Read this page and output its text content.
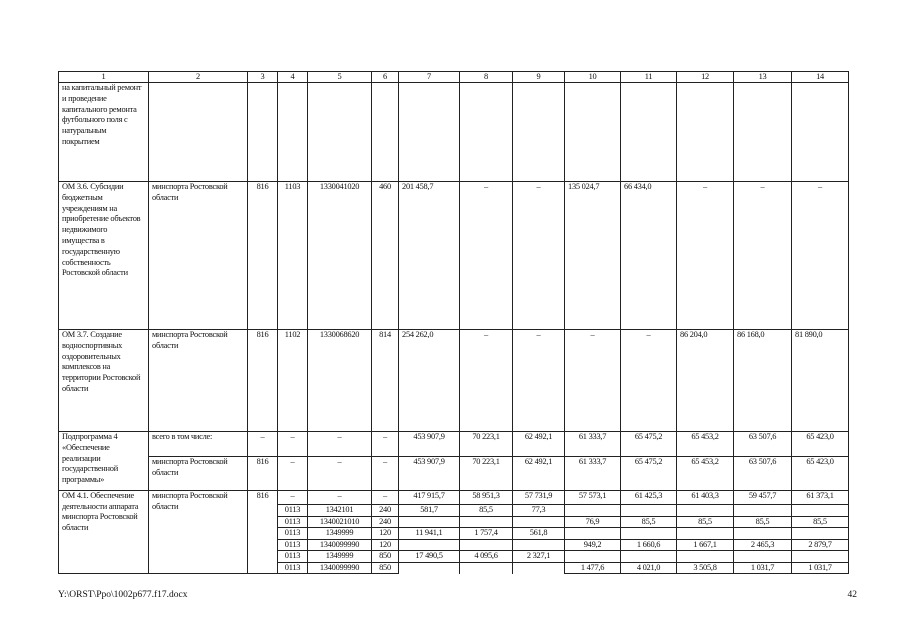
1	2	3	4	5	6	7	8	9	10	11	12	13	14
на капитальный ремонт и проведение капитального ремонта футбольного поля с натуральным покрытием													
ОМ 3.6. Субсидии бюджетным учреждениям на приобретение объектов недвижимого имущества в государственную собственность Ростовской области	минспорта Ростовской области	816	1103	1330041020	460	201 458,7	–	–	135 024,7	66 434,0	–	–	–
ОМ 3.7. Создание водноспортивных оздоровительных комплексов на территории Ростовской области	минспорта Ростовской области	816	1102	1330068620	814	254 262,0	–	–	–	–	86 204,0	86 168,0	81 890,0
Подпрограмма 4 «Обеспечение реализации государственной программы»	всего в том числе:	–	–	–	–	453 907,9	70 223,1	62 492,1	61 333,7	65 475,2	65 453,2	63 507,6	65 423,0
	минспорта Ростовской области	816	–	–	–	453 907,9	70 223,1	62 492,1	61 333,7	65 475,2	65 453,2	63 507,6	65 423,0
ОМ 4.1. Обеспечение деятельности аппарата минспорта Ростовской области	минспорта Ростовской области	816	–	–	–	417 915,7	58 951,3	57 731,9	57 573,1	61 425,3	61 403,3	59 457,7	61 373,1
			0113	1342101	240	581,7	85,5	77,3					
			0113	1340021010	240				76,9	85,5	85,5	85,5	85,5
			0113	1349999	120	11 941,1	1 757,4	561,8					
			0113	1340099990	120				949,2	1 660,6	1 667,1	2 465,3	2 879,7
			0113	1349999	850	17 490,5	4 095,6	2 327,1					
			0113	1340099990	850				1 477,6	4 021,0	3 505,8	1 031,7	1 031,7
Y:\ORST\Ppo\1002p677.f17.docx	42
